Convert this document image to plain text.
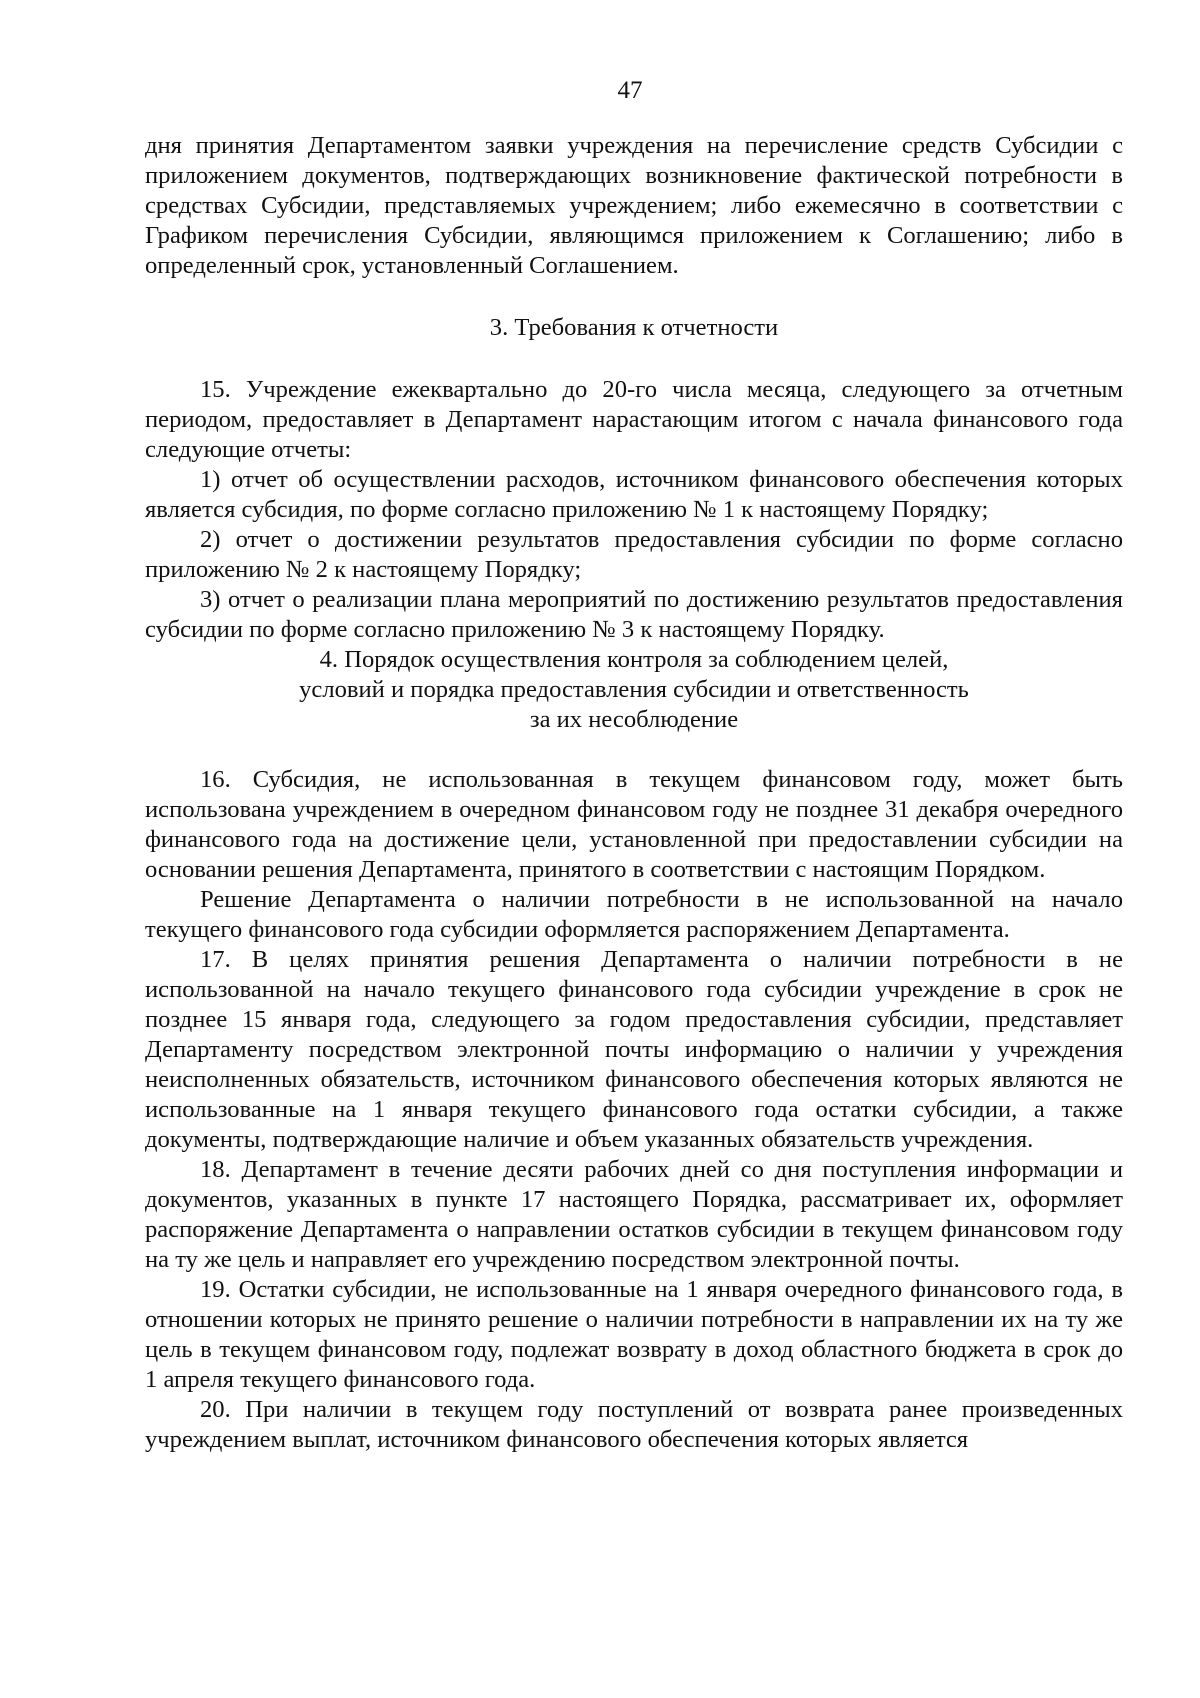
47

дня принятия Департаментом заявки учреждения на перечисление средств Субсидии с приложением документов, подтверждающих возникновение фактической потребности в средствах Субсидии, представляемых учреждением; либо ежемесячно в соответствии с Графиком перечисления Субсидии, являющимся приложением к Соглашению; либо в определенный срок, установленный Соглашением.

3. Требования к отчетности

15. Учреждение ежеквартально до 20-го числа месяца, следующего за отчетным периодом, предоставляет в Департамент нарастающим итогом с начала финансового года следующие отчеты:

1) отчет об осуществлении расходов, источником финансового обеспечения которых является субсидия, по форме согласно приложению № 1 к настоящему Порядку;

2) отчет о достижении результатов предоставления субсидии по форме согласно приложению № 2 к настоящему Порядку;

3) отчет о реализации плана мероприятий по достижению результатов предоставления субсидии по форме согласно приложению № 3 к настоящему Порядку.

4. Порядок осуществления контроля за соблюдением целей,
условий и порядка предоставления субсидии и ответственность
за их несоблюдение

16. Субсидия, не использованная в текущем финансовом году, может быть использована учреждением в очередном финансовом году не позднее 31 декабря очередного финансового года на достижение цели, установленной при предоставлении субсидии на основании решения Департамента, принятого в соответствии с настоящим Порядком.

Решение Департамента о наличии потребности в не использованной на начало текущего финансового года субсидии оформляется распоряжением Департамента.

17. В целях принятия решения Департамента о наличии потребности в не использованной на начало текущего финансового года субсидии учреждение в срок не позднее 15 января года, следующего за годом предоставления субсидии, представляет Департаменту посредством электронной почты информацию о наличии у учреждения неисполненных обязательств, источником финансового обеспечения которых являются не использованные на 1 января текущего финансового года остатки субсидии, а также документы, подтверждающие наличие и объем указанных обязательств учреждения.

18. Департамент в течение десяти рабочих дней со дня поступления информации и документов, указанных в пункте 17 настоящего Порядка, рассматривает их, оформляет распоряжение Департамента о направлении остатков субсидии в текущем финансовом году на ту же цель и направляет его учреждению посредством электронной почты.

19. Остатки субсидии, не использованные на 1 января очередного финансового года, в отношении которых не принято решение о наличии потребности в направлении их на ту же цель в текущем финансовом году, подлежат возврату в доход областного бюджета в срок до 1 апреля текущего финансового года.

20. При наличии в текущем году поступлений от возврата ранее произведенных учреждением выплат, источником финансового обеспечения которых является
